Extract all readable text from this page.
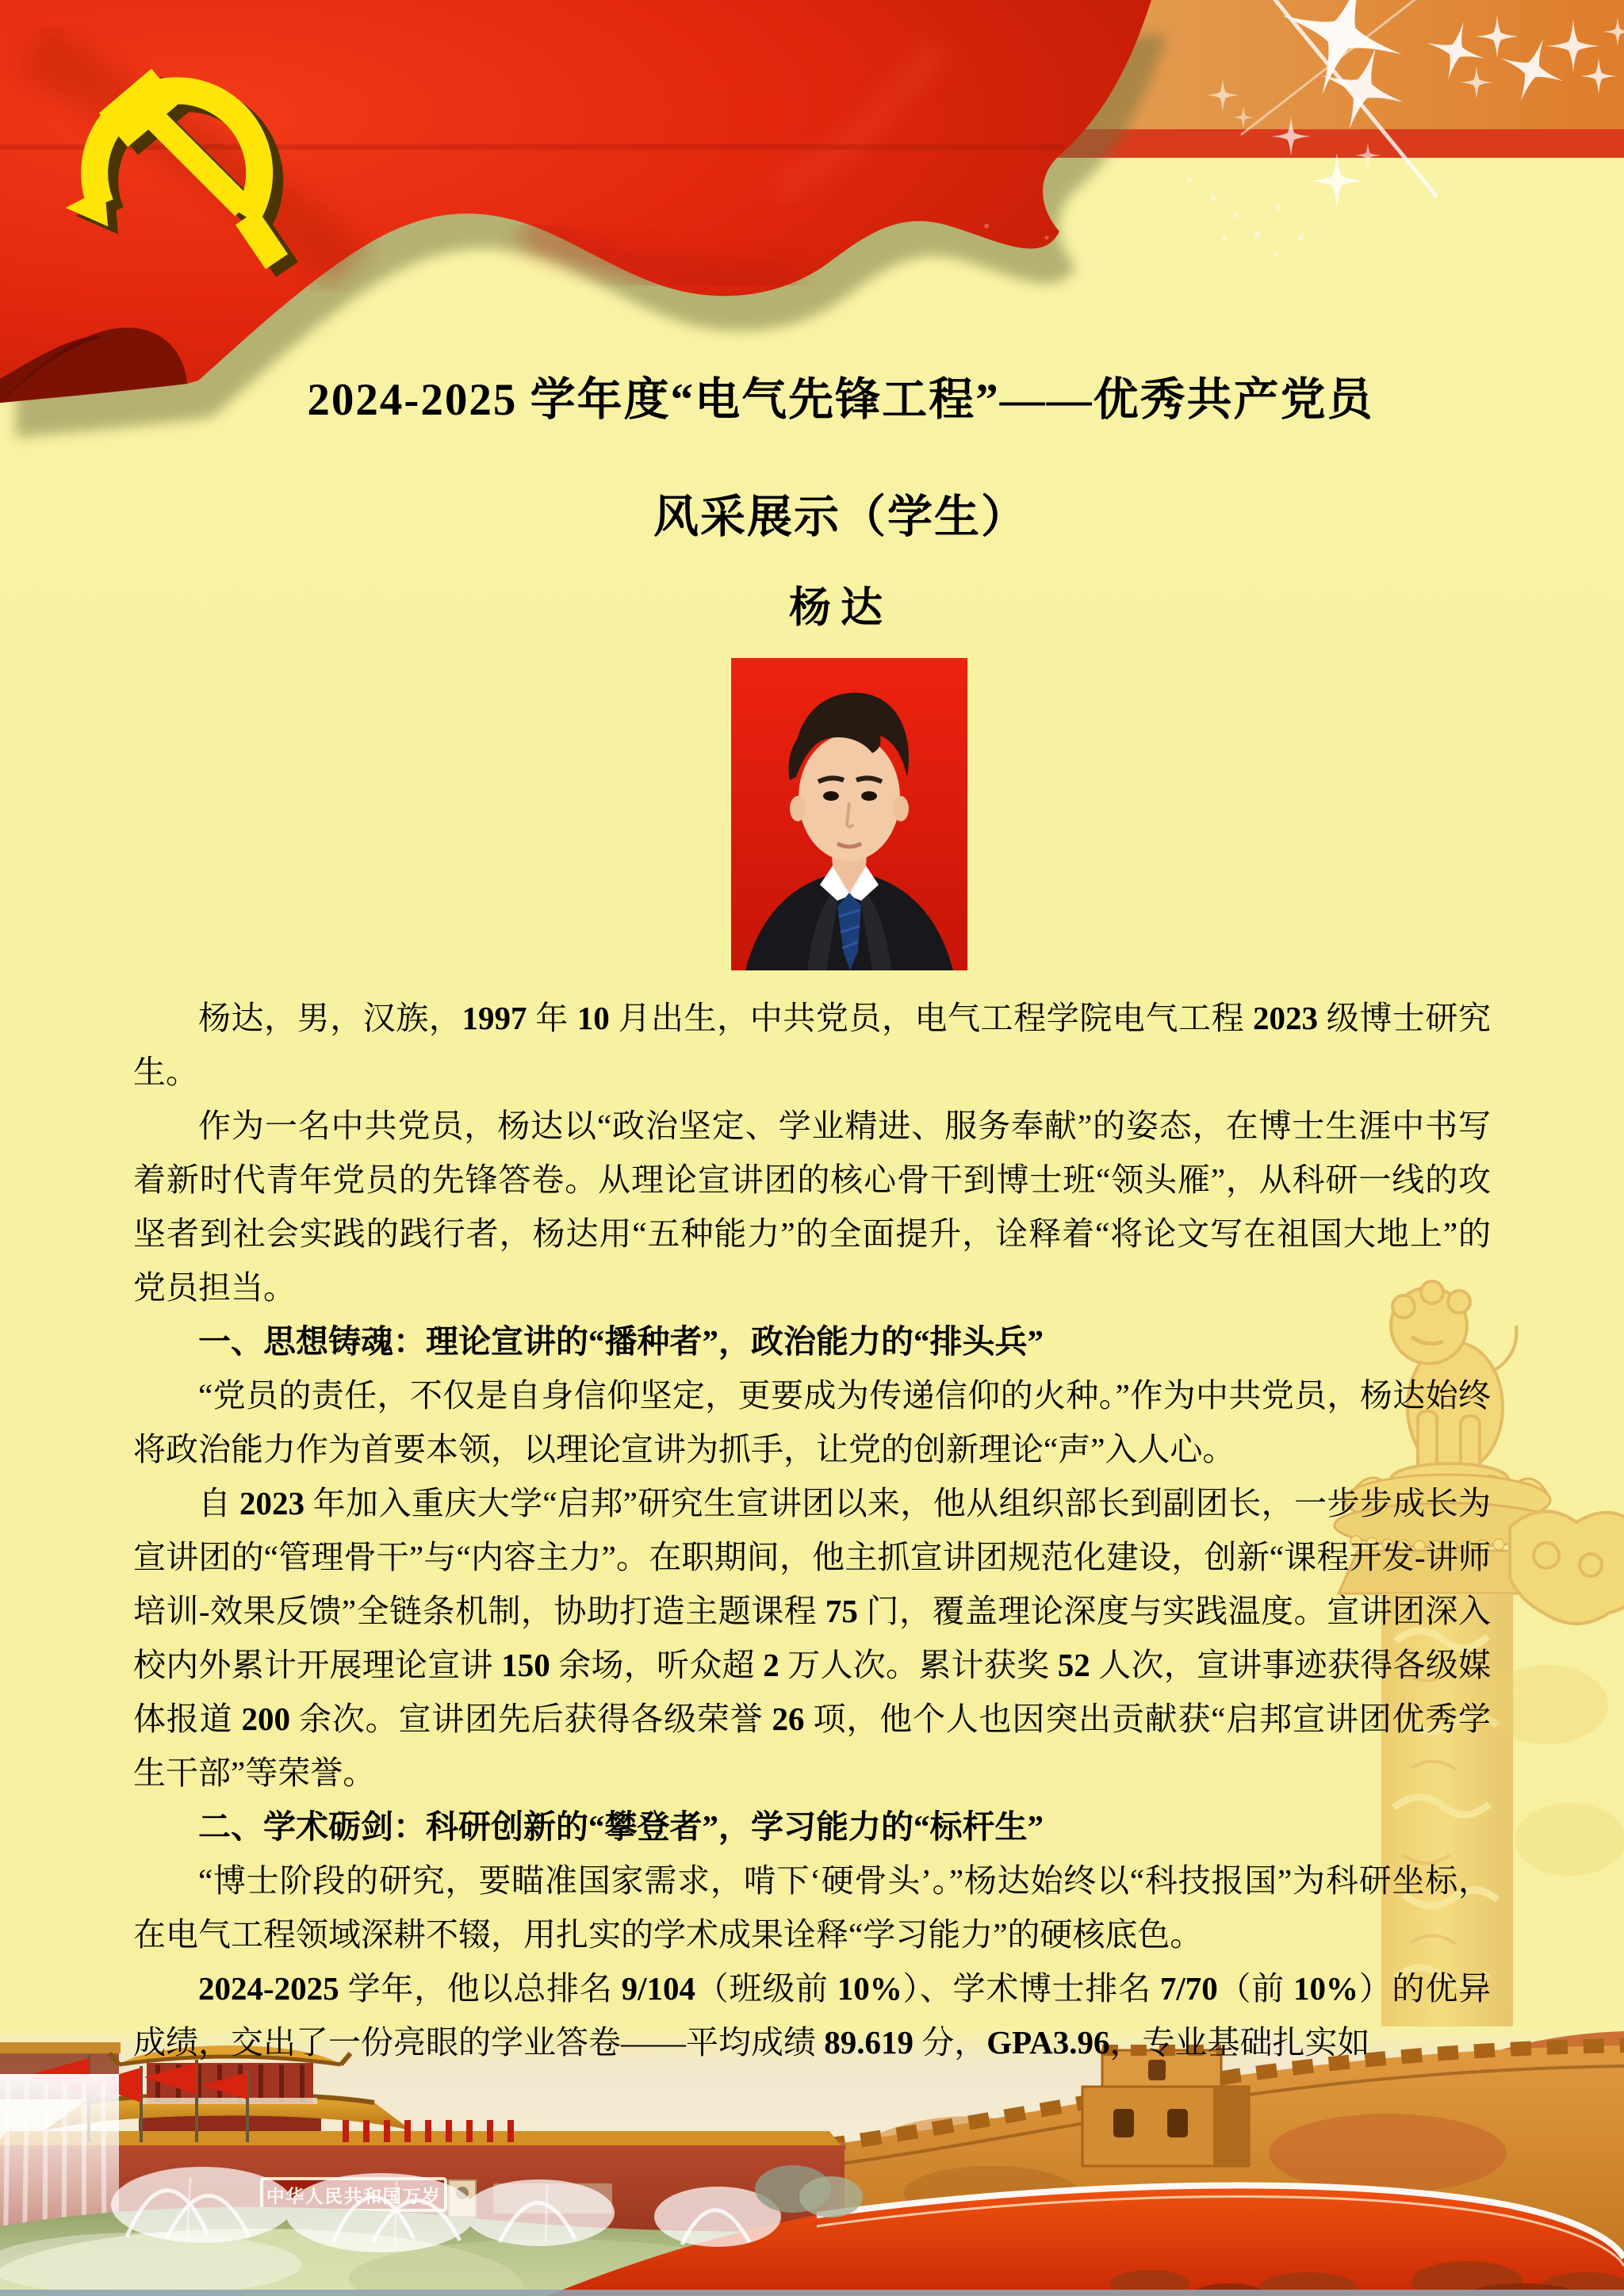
2024-2025 学年度“电气先锋工程”——优秀共产党员
风采展示（学生）
杨达

杨达，男，汉族，1997 年 10 月出生，中共党员，电气工程学院电气工程 2023 级博士研究生。

作为一名中共党员，杨达以“政治坚定、学业精进、服务奉献”的姿态，在博士生涯中书写着新时代青年党员的先锋答卷。从理论宣讲团的核心骨干到博士班“领头雁”，从科研一线的攻坚者到社会实践的践行者，杨达用“五种能力”的全面提升，诠释着“将论文写在祖国大地上”的党员担当。

一、思想铸魂：理论宣讲的“播种者”，政治能力的“排头兵”

“党员的责任，不仅是自身信仰坚定，更要成为传递信仰的火种。”作为中共党员，杨达始终将政治能力作为首要本领，以理论宣讲为抓手，让党的创新理论“声”入人心。

自 2023 年加入重庆大学“启邦”研究生宣讲团以来，他从组织部长到副团长，一步步成长为宣讲团的“管理骨干”与“内容主力”。在职期间，他主抓宣讲团规范化建设，创新“课程开发-讲师培训-效果反馈”全链条机制，协助打造主题课程 75 门，覆盖理论深度与实践温度。宣讲团深入校内外累计开展理论宣讲 150 余场，听众超 2 万人次。累计获奖 52 人次，宣讲事迹获得各级媒体报道 200 余次。宣讲团先后获得各级荣誉 26 项，他个人也因突出贡献获“启邦宣讲团优秀学生干部”等荣誉。

二、学术砺剑：科研创新的“攀登者”，学习能力的“标杆生”

“博士阶段的研究，要瞄准国家需求，啃下‘硬骨头’。”杨达始终以“科技报国”为科研坐标，在电气工程领域深耕不辍，用扎实的学术成果诠释“学习能力”的硬核底色。

2024-2025 学年，他以总排名 9/104（班级前 10%）、学术博士排名 7/70（前 10%）的优异成绩，交出了一份亮眼的学业答卷——平均成绩 89.619 分，GPA3.96，专业基础扎实如
